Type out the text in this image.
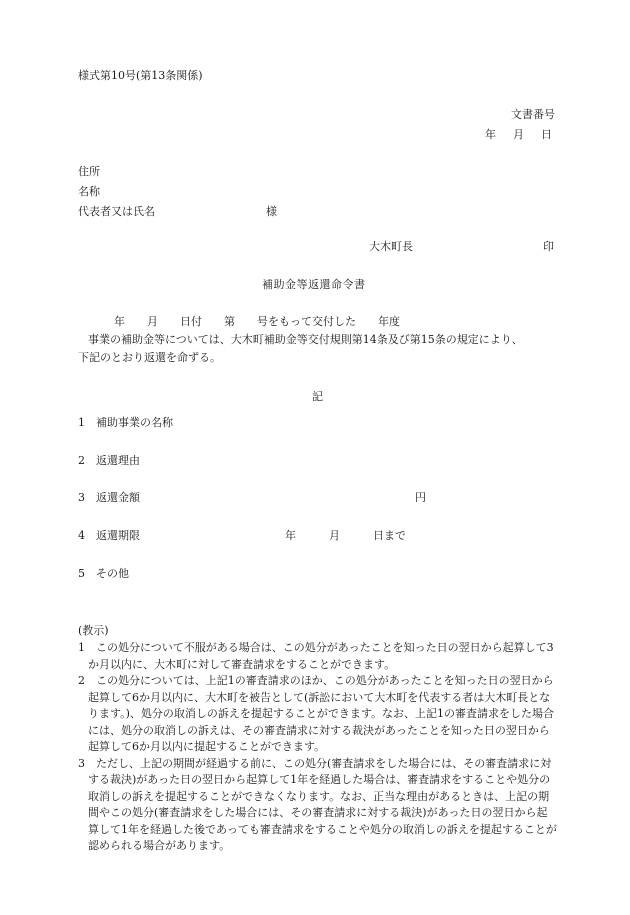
様式第10号(第13条関係)
文書番号
年　月　日
住所
名称
代表者又は氏名	様
大木町長	印
補助金等返還命令書
年　　月　　日付　　第　　号をもって交付した　　年度
事業の補助金等については、大木町補助金等交付規則第14条及び第15条の規定により、
下記のとおり返還を命ずる。
記
1 補助事業の名称
2 返還理由
3 返還金額	円
4 返還期限	年　　　月　　　日まで
5 その他
(教示)

1　この処分について不服がある場合は、この処分があったことを知った日の翌日から起算して3か月以内に、大木町に対して審査請求をすることができます。

2　この処分については、上記1の審査請求のほか、この処分があったことを知った日の翌日から起算して6か月以内に、大木町を被告として(訴訟において大木町を代表する者は大木町長となります。)、処分の取消しの訴えを提起することができます。なお、上記1の審査請求をした場合には、処分の取消しの訴えは、その審査請求に対する裁決があったことを知った日の翌日から起算して6か月以内に提起することができます。

3　ただし、上記の期間が経過する前に、この処分(審査請求をした場合には、その審査請求に対する裁決)があった日の翌日から起算して1年を経過した場合は、審査請求をすることや処分の取消しの訴えを提起することができなくなります。なお、正当な理由があるときは、上記の期間やこの処分(審査請求をした場合には、その審査請求に対する裁決)があった日の翌日から起算して1年を経過した後であっても審査請求をすることや処分の取消しの訴えを提起することが認められる場合があります。
